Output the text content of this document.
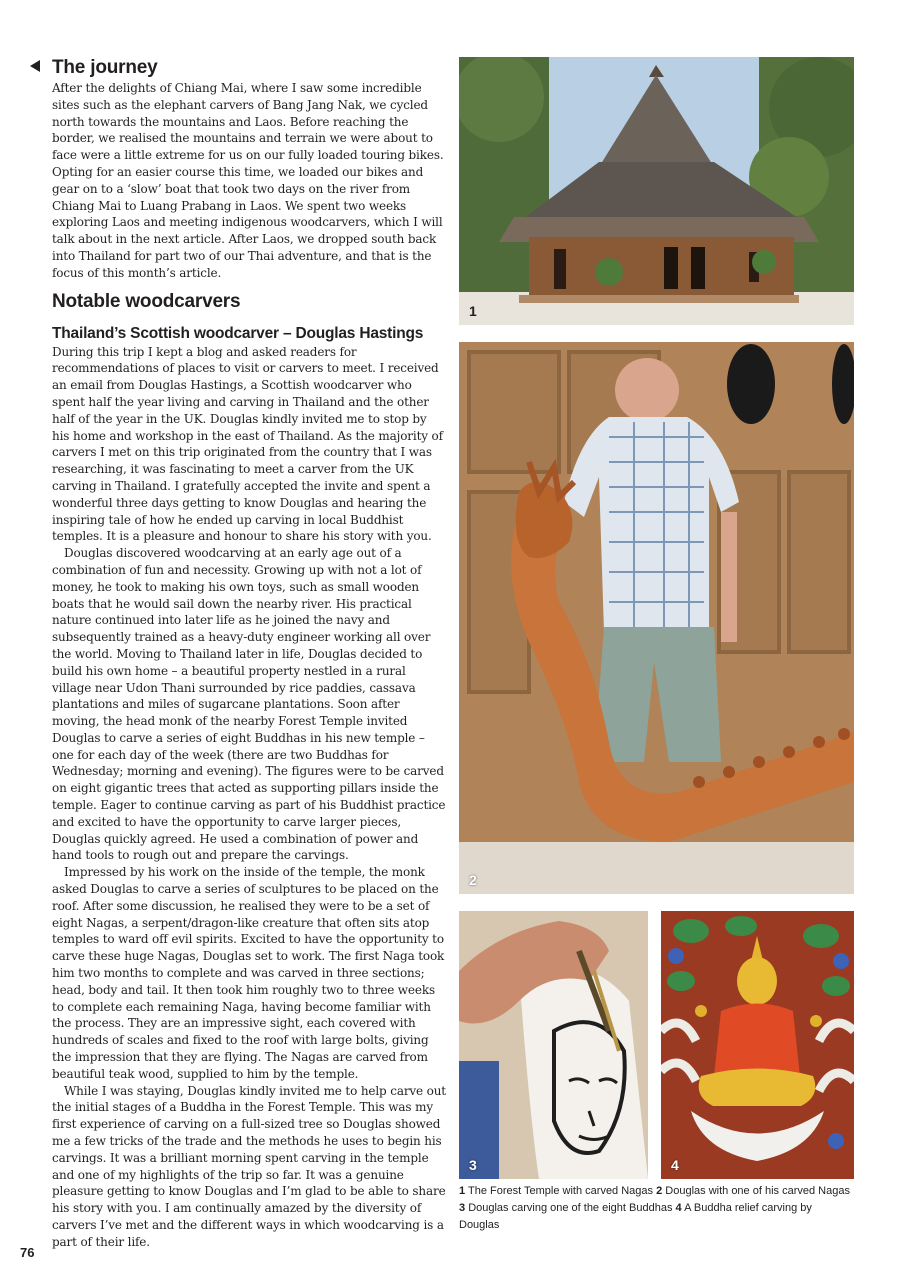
The journey

After the delights of Chiang Mai, where I saw some incredible sites such as the elephant carvers of Bang Jang Nak, we cycled north towards the mountains and Laos. Before reaching the border, we realised the mountains and terrain we were about to face were a little extreme for us on our fully loaded touring bikes. Opting for an easier course this time, we loaded our bikes and gear on to a ‘slow’ boat that took two days on the river from Chiang Mai to Luang Prabang in Laos. We spent two weeks exploring Laos and meeting indigenous woodcarvers, which I will talk about in the next article. After Laos, we dropped south back into Thailand for part two of our Thai adventure, and that is the focus of this month’s article.

Notable woodcarvers
Thailand’s Scottish woodcarver – Douglas Hastings

During this trip I kept a blog and asked readers for recommendations of places to visit or carvers to meet. I received an email from Douglas Hastings, a Scottish woodcarver who spent half the year living and carving in Thailand and the other half of the year in the UK. Douglas kindly invited me to stop by his home and workshop in the east of Thailand. As the majority of carvers I met on this trip originated from the country that I was researching, it was fascinating to meet a carver from the UK carving in Thailand. I gratefully accepted the invite and spent a wonderful three days getting to know Douglas and hearing the inspiring tale of how he ended up carving in local Buddhist temples. It is a pleasure and honour to share his story with you.

Douglas discovered woodcarving at an early age out of a combination of fun and necessity. Growing up with not a lot of money, he took to making his own toys, such as small wooden boats that he would sail down the nearby river. His practical nature continued into later life as he joined the navy and subsequently trained as a heavy-duty engineer working all over the world. Moving to Thailand later in life, Douglas decided to build his own home – a beautiful property nestled in a rural village near Udon Thani surrounded by rice paddies, cassava plantations and miles of sugarcane plantations. Soon after moving, the head monk of the nearby Forest Temple invited Douglas to carve a series of eight Buddhas in his new temple – one for each day of the week (there are two Buddhas for Wednesday; morning and evening). The figures were to be carved on eight gigantic trees that acted as supporting pillars inside the temple. Eager to continue carving as part of his Buddhist practice and excited to have the opportunity to carve larger pieces, Douglas quickly agreed. He used a combination of power and hand tools to rough out and prepare the carvings.

Impressed by his work on the inside of the temple, the monk asked Douglas to carve a series of sculptures to be placed on the roof. After some discussion, he realised they were to be a set of eight Nagas, a serpent/dragon-like creature that often sits atop temples to ward off evil spirits. Excited to have the opportunity to carve these huge Nagas, Douglas set to work. The first Naga took him two months to complete and was carved in three sections; head, body and tail. It then took him roughly two to three weeks to complete each remaining Naga, having become familiar with the process. They are an impressive sight, each covered with hundreds of scales and fixed to the roof with large bolts, giving the impression that they are flying. The Nagas are carved from beautiful teak wood, supplied to him by the temple.

While I was staying, Douglas kindly invited me to help carve out the initial stages of a Buddha in the Forest Temple. This was my first experience of carving on a full-sized tree so Douglas showed me a few tricks of the trade and the methods he uses to begin his carvings. It was a brilliant morning spent carving in the temple and one of my highlights of the trip so far. It was a genuine pleasure getting to know Douglas and I’m glad to be able to share his story with you. I am continually amazed by the diversity of carvers I’ve met and the different ways in which woodcarving is a part of their life.

1
2
3	4
1 The Forest Temple with carved Nagas 2 Douglas with one of his carved Nagas 3 Douglas carving one of the eight Buddhas 4 A Buddha relief carving by Douglas
76
